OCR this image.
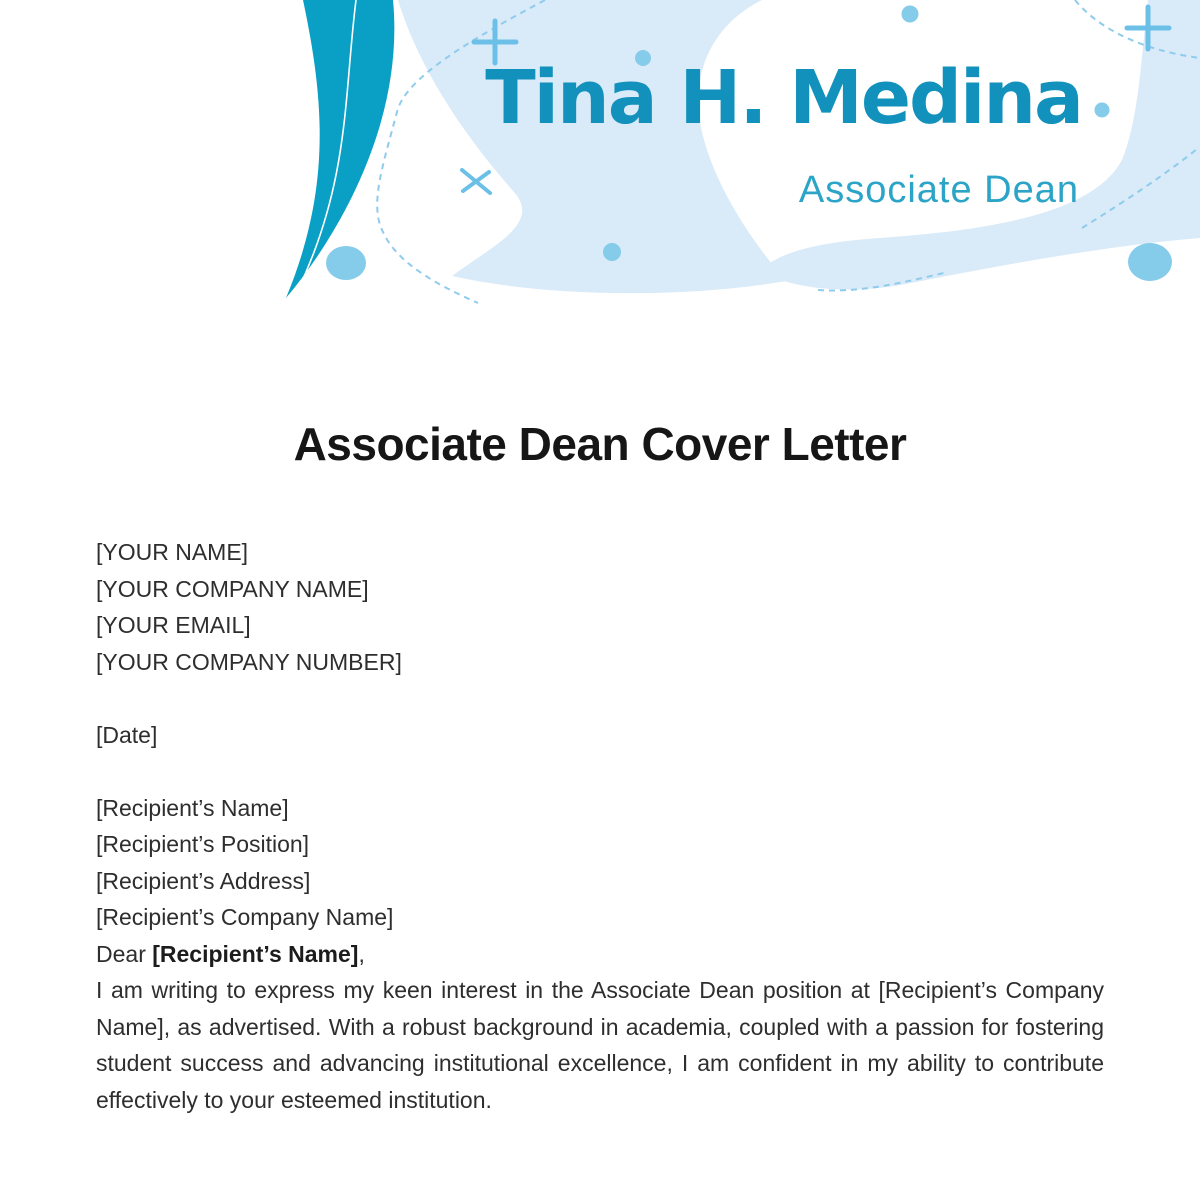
Tina H. Medina
Associate Dean
Associate Dean Cover Letter

[YOUR NAME]

[YOUR COMPANY NAME]

[YOUR EMAIL]

[YOUR COMPANY NUMBER]

[Date]

[Recipient’s Name]

[Recipient’s Position]

[Recipient’s Address]

[Recipient’s Company Name]

Dear [Recipient’s Name],

I am writing to express my keen interest in the Associate Dean position at [Recipient’s Company Name], as advertised. With a robust background in academia, coupled with a passion for fostering student success and advancing institutional excellence, I am confident in my ability to contribute effectively to your esteemed institution.
